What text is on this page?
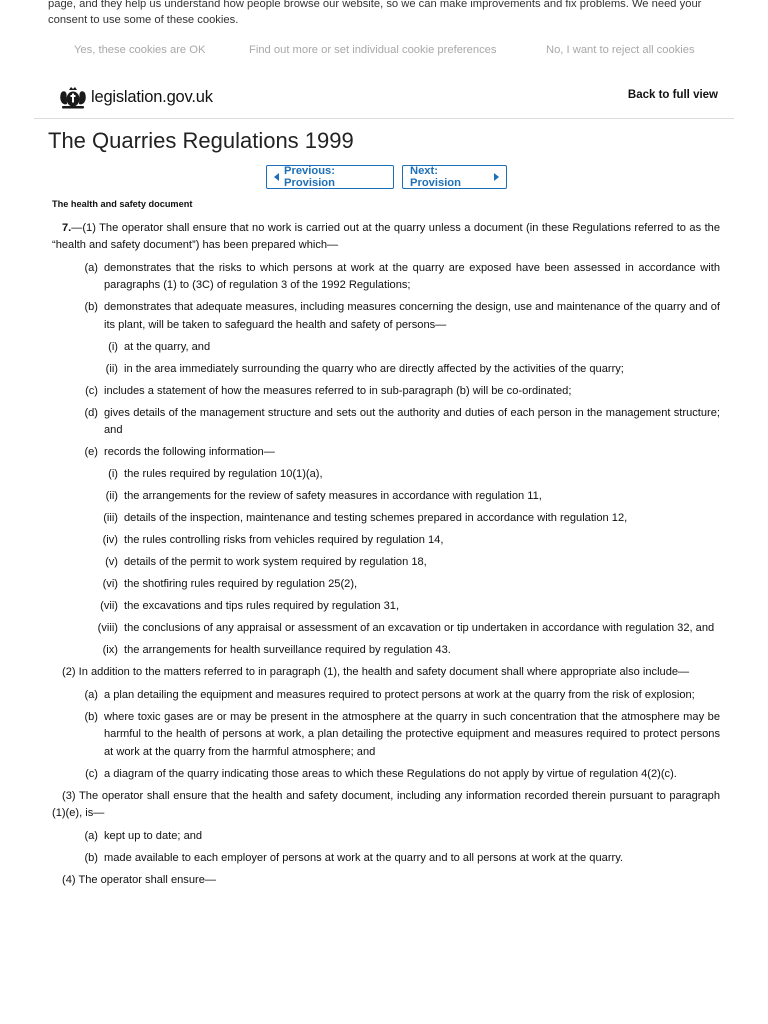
page, and they help us understand how people browse our website, so we can make improvements and fix problems. We need your consent to use some of these cookies.
Yes, these cookies are OK	Find out more or set individual cookie preferences	No, I want to reject all cookies
legislation.gov.uk	Back to full view
The Quarries Regulations 1999
Previous: Provision
Next: Provision
The health and safety document

7.—(1) The operator shall ensure that no work is carried out at the quarry unless a document (in these Regulations referred to as the “health and safety document”) has been prepared which—

(a) demonstrates that the risks to which persons at work at the quarry are exposed have been assessed in accordance with paragraphs (1) to (3C) of regulation 3 of the 1992 Regulations;
(b) demonstrates that adequate measures, including measures concerning the design, use and maintenance of the quarry and of its plant, will be taken to safeguard the health and safety of persons—
(i) at the quarry, and
(ii) in the area immediately surrounding the quarry who are directly affected by the activities of the quarry;
(c) includes a statement of how the measures referred to in sub-paragraph (b) will be co-ordinated;
(d) gives details of the management structure and sets out the authority and duties of each person in the management structure; and
(e) records the following information—
(i) the rules required by regulation 10(1)(a),
(ii) the arrangements for the review of safety measures in accordance with regulation 11,
(iii) details of the inspection, maintenance and testing schemes prepared in accordance with regulation 12,
(iv) the rules controlling risks from vehicles required by regulation 14,
(v) details of the permit to work system required by regulation 18,
(vi) the shotfiring rules required by regulation 25(2),
(vii) the excavations and tips rules required by regulation 31,
(viii) the conclusions of any appraisal or assessment of an excavation or tip undertaken in accordance with regulation 32, and
(ix) the arrangements for health surveillance required by regulation 43.

(2) In addition to the matters referred to in paragraph (1), the health and safety document shall where appropriate also include—

(a) a plan detailing the equipment and measures required to protect persons at work at the quarry from the risk of explosion;
(b) where toxic gases are or may be present in the atmosphere at the quarry in such concentration that the atmosphere may be harmful to the health of persons at work, a plan detailing the protective equipment and measures required to protect persons at work at the quarry from the harmful atmosphere; and
(c) a diagram of the quarry indicating those areas to which these Regulations do not apply by virtue of regulation 4(2)(c).

(3) The operator shall ensure that the health and safety document, including any information recorded therein pursuant to paragraph (1)(e), is—

(a) kept up to date; and
(b) made available to each employer of persons at work at the quarry and to all persons at work at the quarry.

(4) The operator shall ensure—
